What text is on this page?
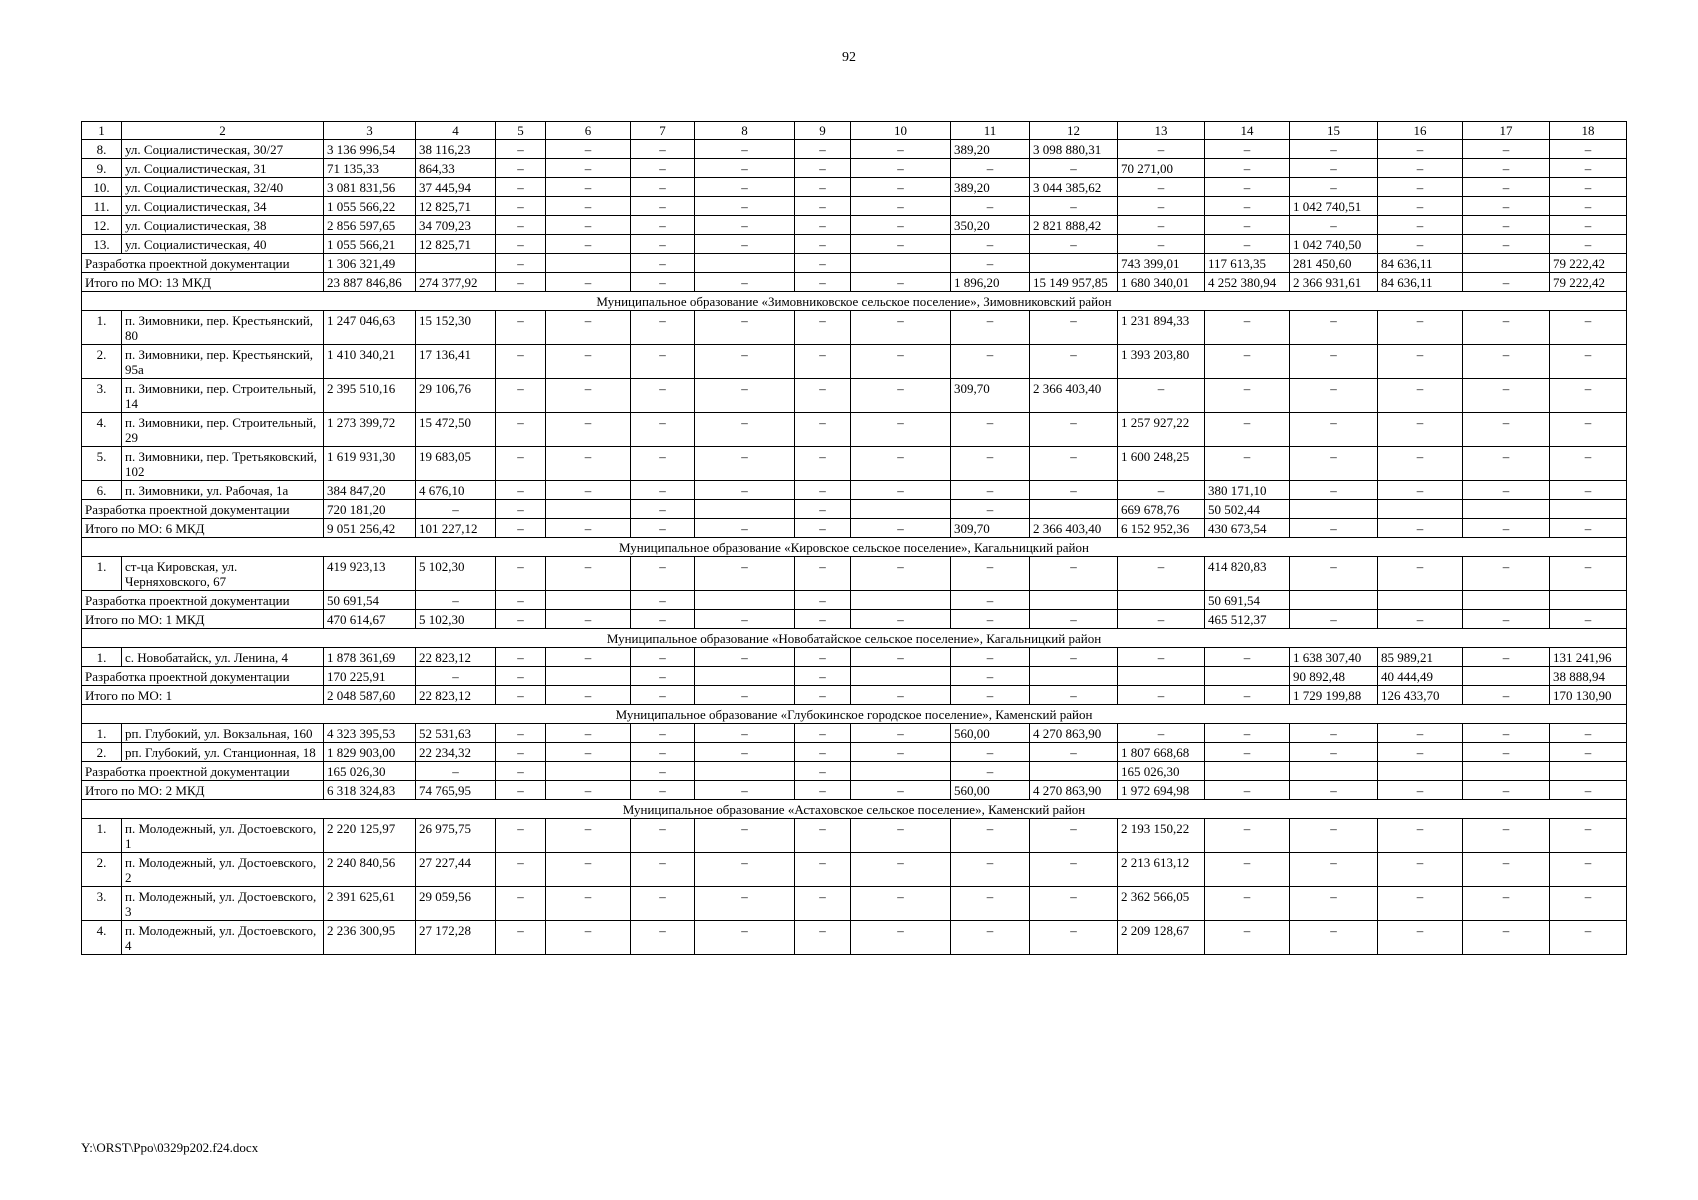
92
1	2	3	4	5	6	7	8	9	10	11	12	13	14	15	16	17	18
8.	ул. Социалистическая, 30/27	3 136 996,54	38 116,23	–	–	–	–	–	–	389,20	3 098 880,31	–	–	–	–	–	–
9.	ул. Социалистическая, 31	71 135,33	864,33	–	–	–	–	–	–	–	–	70 271,00	–	–	–	–	–
10.	ул. Социалистическая, 32/40	3 081 831,56	37 445,94	–	–	–	–	–	–	389,20	3 044 385,62	–	–	–	–	–	–
11.	ул. Социалистическая, 34	1 055 566,22	12 825,71	–	–	–	–	–	–	–	–	–	–	1 042 740,51	–	–	–
12.	ул. Социалистическая, 38	2 856 597,65	34 709,23	–	–	–	–	–	–	350,20	2 821 888,42	–	–	–	–	–	–
13.	ул. Социалистическая, 40	1 055 566,21	12 825,71	–	–	–	–	–	–	–	–	–	–	1 042 740,50	–	–	–
Разработка проектной документации		1 306 321,49		–		–		–		–		743 399,01	117 613,35	281 450,60	84 636,11		79 222,42
Итого по МО: 13 МКД		23 887 846,86	274 377,92	–	–	–	–	–	–	1 896,20	15 149 957,85	1 680 340,01	4 252 380,94	2 366 931,61	84 636,11	–	79 222,42
Муниципальное образование «Зимовниковское сельское поселение», Зимовниковский район																	
1.	п. Зимовники, пер. Крестьянский, 80	1 247 046,63	15 152,30	–	–	–	–	–	–	–	–	1 231 894,33	–	–	–	–	–
2.	п. Зимовники, пер. Крестьянский, 95а	1 410 340,21	17 136,41	–	–	–	–	–	–	–	–	1 393 203,80	–	–	–	–	–
3.	п. Зимовники, пер. Строительный, 14	2 395 510,16	29 106,76	–	–	–	–	–	–	309,70	2 366 403,40	–	–	–	–	–	–
4.	п. Зимовники, пер. Строительный, 29	1 273 399,72	15 472,50	–	–	–	–	–	–	–	–	1 257 927,22	–	–	–	–	–
5.	п. Зимовники, пер. Третьяковский, 102	1 619 931,30	19 683,05	–	–	–	–	–	–	–	–	1 600 248,25	–	–	–	–	–
6.	п. Зимовники, ул. Рабочая, 1а	384 847,20	4 676,10	–	–	–	–	–	–	–	–	–	380 171,10	–	–	–	–
Разработка проектной документации		720 181,20	–	–		–		–		–		669 678,76	50 502,44				
Итого по МО: 6 МКД		9 051 256,42	101 227,12	–	–	–	–	–	–	309,70	2 366 403,40	6 152 952,36	430 673,54	–	–	–	–
Муниципальное образование «Кировское сельское поселение», Кагальницкий район																	
1.	ст-ца Кировская, ул. Черняховского, 67	419 923,13	5 102,30	–	–	–	–	–	–	–	–	–	414 820,83	–	–	–	–
Разработка проектной документации		50 691,54	–	–		–		–		–			50 691,54				
Итого по МО: 1 МКД		470 614,67	5 102,30	–	–	–	–	–	–	–	–	–	465 512,37	–	–	–	–
Муниципальное образование «Новобатайское сельское поселение», Кагальницкий район																	
1.	с. Новобатайск, ул. Ленина, 4	1 878 361,69	22 823,12	–	–	–	–	–	–	–	–	–	–	1 638 307,40	85 989,21	–	131 241,96
Разработка проектной документации		170 225,91	–	–		–		–		–				90 892,48	40 444,49		38 888,94
Итого по МО: 1		2 048 587,60	22 823,12	–	–	–	–	–	–	–	–	–	–	1 729 199,88	126 433,70	–	170 130,90
Муниципальное образование «Глубокинское городское поселение», Каменский район																	
1.	рп. Глубокий, ул. Вокзальная, 160	4 323 395,53	52 531,63	–	–	–	–	–	–	560,00	4 270 863,90	–	–	–	–	–	–
2.	рп. Глубокий, ул. Станционная, 18	1 829 903,00	22 234,32	–	–	–	–	–	–	–	–	1 807 668,68	–	–	–	–	–
Разработка проектной документации		165 026,30	–	–		–		–		–		165 026,30					
Итого по МО: 2 МКД		6 318 324,83	74 765,95	–	–	–	–	–	–	560,00	4 270 863,90	1 972 694,98	–	–	–	–	–
Муниципальное образование «Астаховское сельское поселение», Каменский район																	
1.	п. Молодежный, ул. Достоевского, 1	2 220 125,97	26 975,75	–	–	–	–	–	–	–	–	2 193 150,22	–	–	–	–	–
2.	п. Молодежный, ул. Достоевского, 2	2 240 840,56	27 227,44	–	–	–	–	–	–	–	–	2 213 613,12	–	–	–	–	–
3.	п. Молодежный, ул. Достоевского, 3	2 391 625,61	29 059,56	–	–	–	–	–	–	–	–	2 362 566,05	–	–	–	–	–
4.	п. Молодежный, ул. Достоевского, 4	2 236 300,95	27 172,28	–	–	–	–	–	–	–	–	2 209 128,67	–	–	–	–	–
Y:\ORST\Ppo\0329p202.f24.docx
